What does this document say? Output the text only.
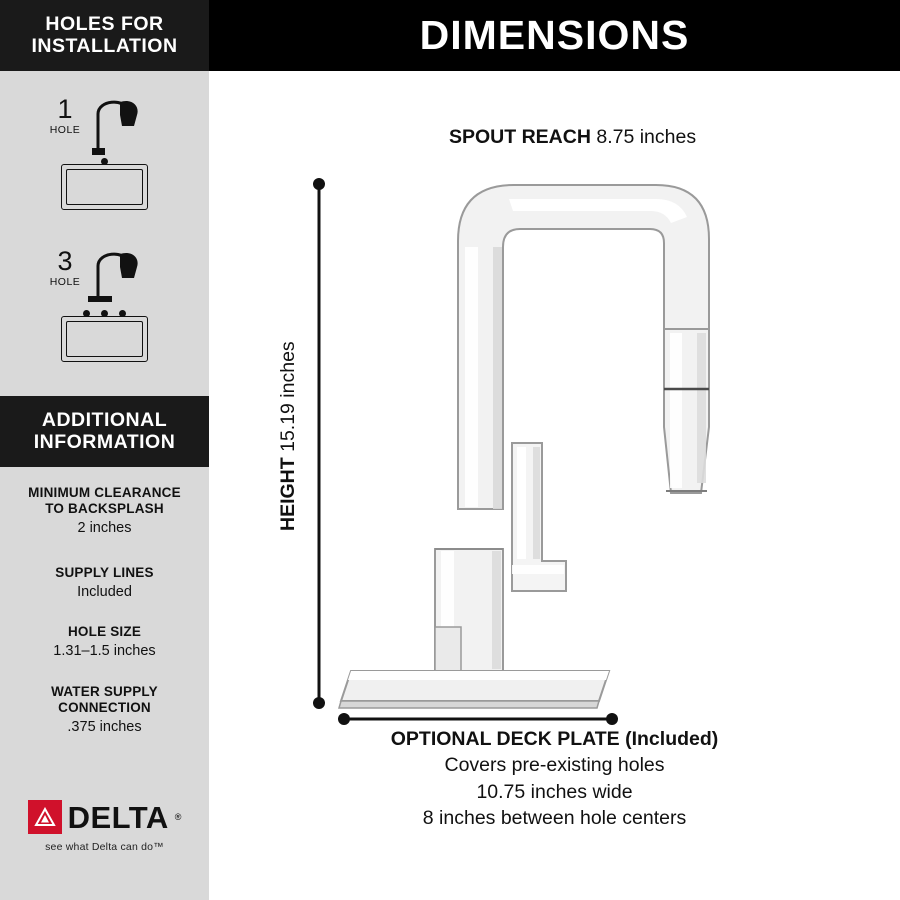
HOLES FOR
INSTALLATION
1
HOLE
3
HOLE
ADDITIONAL
INFORMATION
MINIMUM CLEARANCE
TO BACKSPLASH
2 inches
SUPPLY LINES
Included
HOLE SIZE
1.31–1.5 inches
WATER SUPPLY
CONNECTION
.375 inches
DELTA ®
see what Delta can do™
DIMENSIONS
SPOUT REACH 8.75 inches
HEIGHT 15.19 inches
OPTIONAL DECK PLATE (Included)
Covers pre-existing holes
10.75 inches wide
8 inches between hole centers
